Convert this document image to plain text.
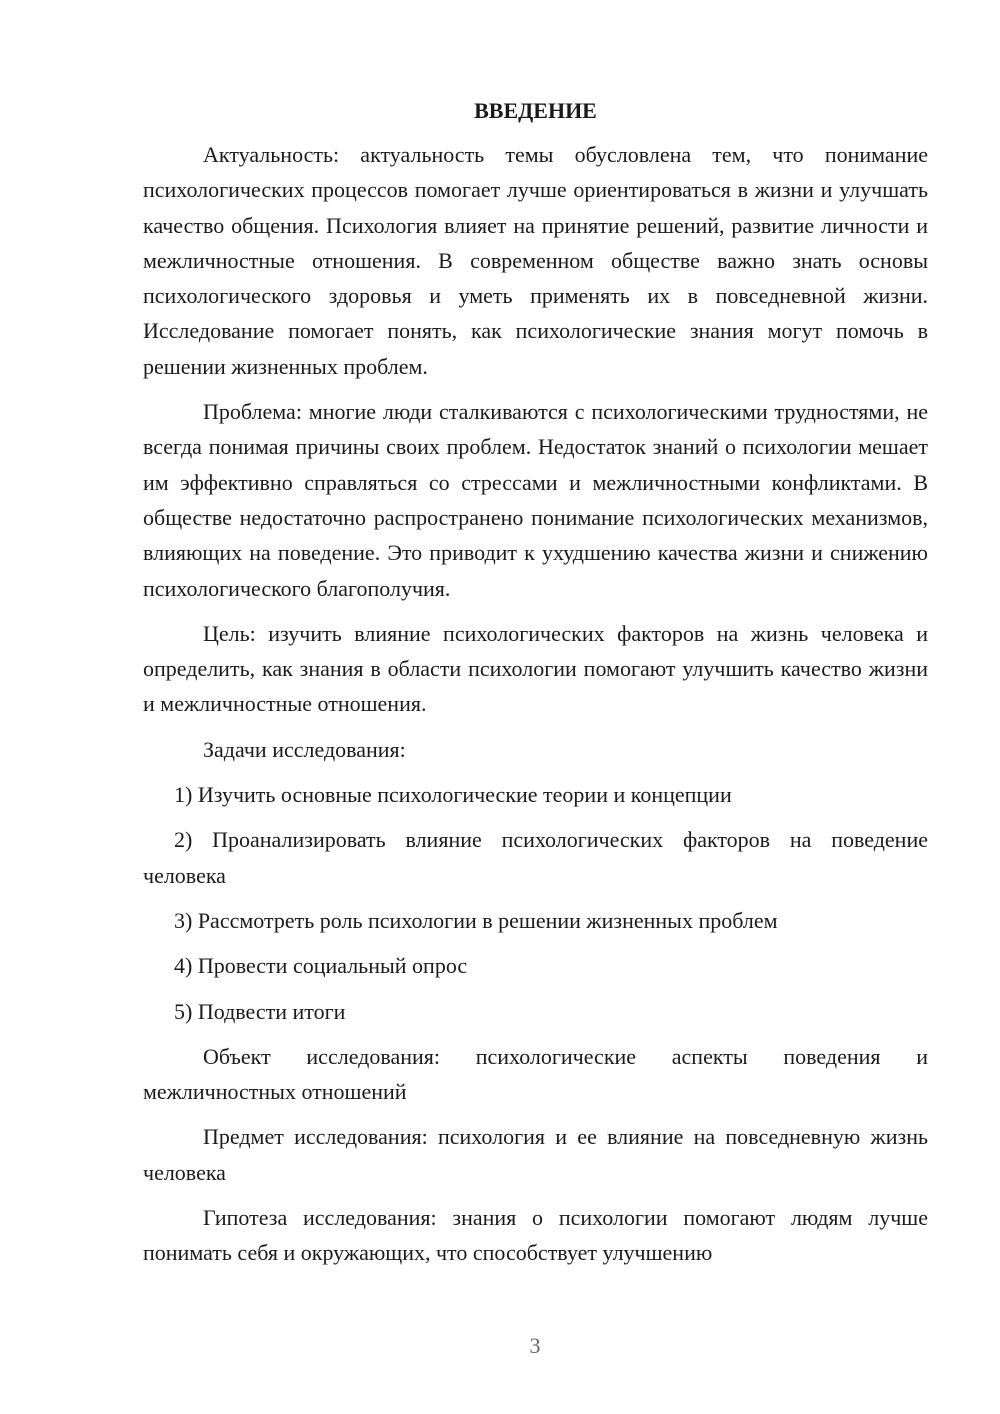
ВВЕДЕНИЕ

Актуальность: актуальность темы обусловлена тем, что понимание психологических процессов помогает лучше ориентироваться в жизни и улучшать качество общения. Психология влияет на принятие решений, развитие личности и межличностные отношения. В современном обществе важно знать основы психологического здоровья и уметь применять их в повседневной жизни. Исследование помогает понять, как психологические знания могут помочь в решении жизненных проблем.

Проблема: многие люди сталкиваются с психологическими трудностями, не всегда понимая причины своих проблем. Недостаток знаний о психологии мешает им эффективно справляться со стрессами и межличностными конфликтами. В обществе недостаточно распространено понимание психологических механизмов, влияющих на поведение. Это приводит к ухудшению качества жизни и снижению психологического благополучия.

Цель: изучить влияние психологических факторов на жизнь человека и определить, как знания в области психологии помогают улучшить качество жизни и межличностные отношения.

Задачи исследования:

1) Изучить основные психологические теории и концепции

2) Проанализировать влияние психологических факторов на поведение человека

3) Рассмотреть роль психологии в решении жизненных проблем

4) Провести социальный опрос

5) Подвести итоги

Объект исследования: психологические аспекты поведения и межличностных отношений

Предмет исследования: психология и ее влияние на повседневную жизнь человека

Гипотеза исследования: знания о психологии помогают людям лучше понимать себя и окружающих, что способствует улучшению

3
